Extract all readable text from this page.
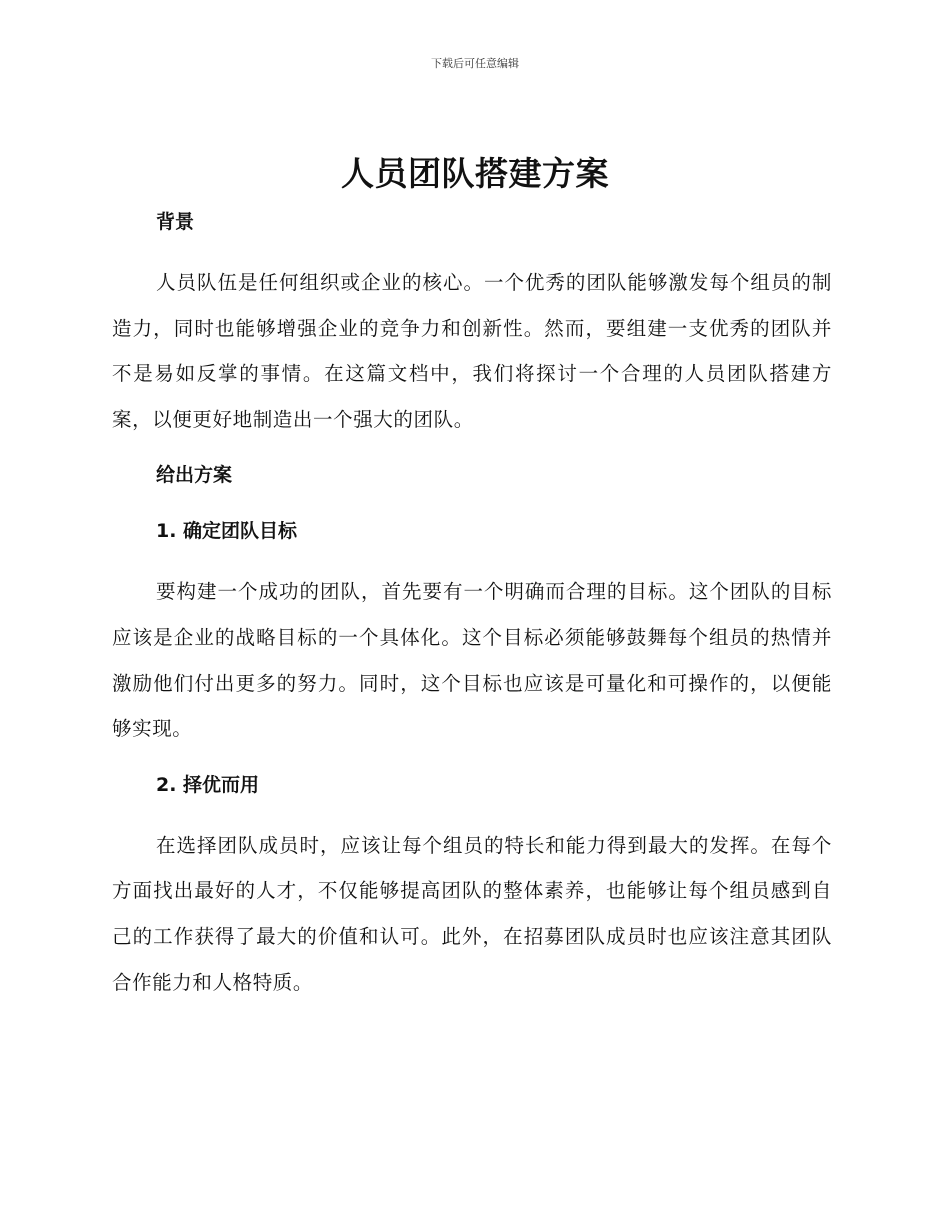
下载后可任意编辑
人员团队搭建方案
背景

人员队伍是任何组织或企业的核心。一个优秀的团队能够激发每个组员的制造力，同时也能够增强企业的竞争力和创新性。然而，要组建一支优秀的团队并不是易如反掌的事情。在这篇文档中，我们将探讨一个合理的人员团队搭建方案，以便更好地制造出一个强大的团队。

给出方案
1. 确定团队目标

要构建一个成功的团队，首先要有一个明确而合理的目标。这个团队的目标应该是企业的战略目标的一个具体化。这个目标必须能够鼓舞每个组员的热情并激励他们付出更多的努力。同时，这个目标也应该是可量化和可操作的，以便能够实现。

2. 择优而用

在选择团队成员时，应该让每个组员的特长和能力得到最大的发挥。在每个方面找出最好的人才，不仅能够提高团队的整体素养，也能够让每个组员感到自己的工作获得了最大的价值和认可。此外，在招募团队成员时也应该注意其团队合作能力和人格特质。
